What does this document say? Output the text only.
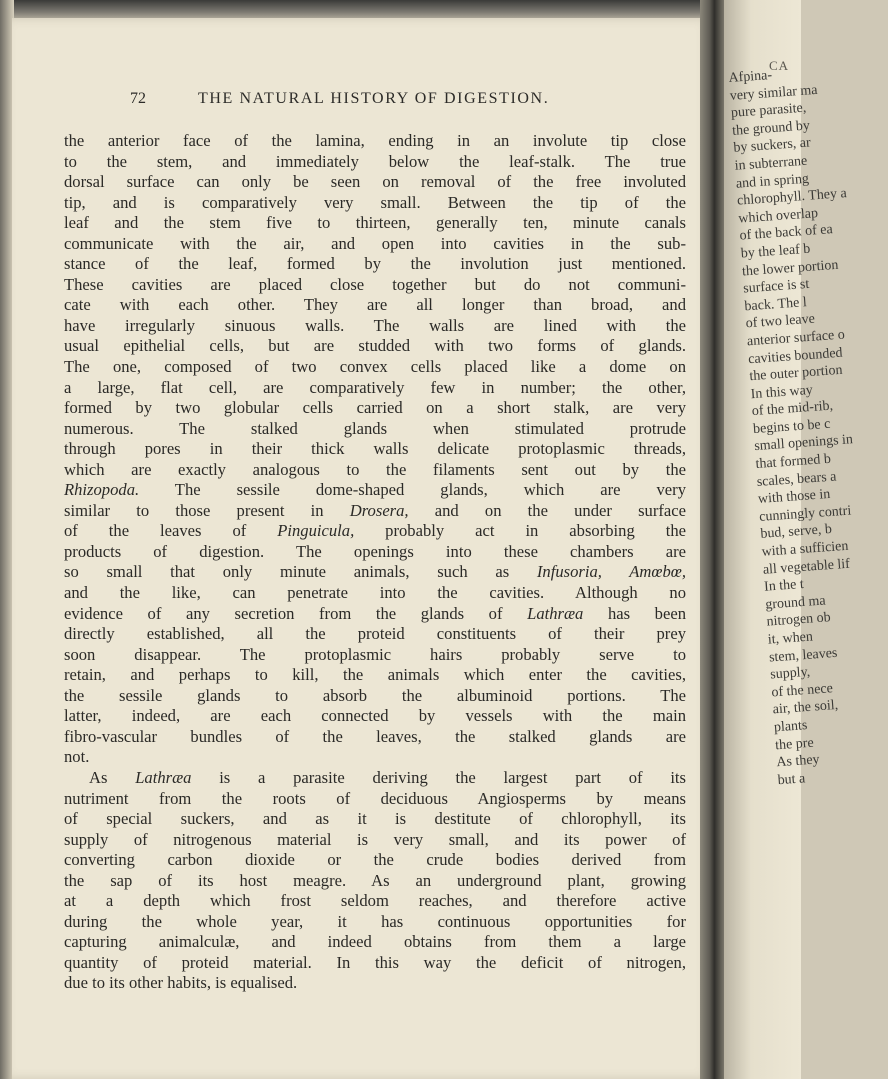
72	THE NATURAL HISTORY OF DIGESTION.
the anterior face of the lamina, ending in an involute tip close
to the stem, and immediately below the leaf-stalk. The true
dorsal surface can only be seen on removal of the free involuted
tip, and is comparatively very small. Between the tip of the
leaf and the stem five to thirteen, generally ten, minute canals
communicate with the air, and open into cavities in the sub-
stance of the leaf, formed by the involution just mentioned.
These cavities are placed close together but do not communi-
cate with each other. They are all longer than broad, and
have irregularly sinuous walls. The walls are lined with the
usual epithelial cells, but are studded with two forms of glands.
The one, composed of two convex cells placed like a dome on
a large, flat cell, are comparatively few in number; the other,
formed by two globular cells carried on a short stalk, are very
numerous. The stalked glands when stimulated protrude
through pores in their thick walls delicate protoplasmic threads,
which are exactly analogous to the filaments sent out by the
Rhizopoda. The sessile dome-shaped glands, which are very
similar to those present in Drosera, and on the under surface
of the leaves of Pinguicula, probably act in absorbing the
products of digestion. The openings into these chambers are
so small that only minute animals, such as Infusoria, Amœbœ,
and the like, can penetrate into the cavities. Although no
evidence of any secretion from the glands of Lathræa has been
directly established, all the proteid constituents of their prey
soon disappear. The protoplasmic hairs probably serve to
retain, and perhaps to kill, the animals which enter the cavities,
the sessile glands to absorb the albuminoid portions. The
latter, indeed, are each connected by vessels with the main
fibro-vascular bundles of the leaves, the stalked glands are
not.
As Lathræa is a parasite deriving the largest part of its
nutriment from the roots of deciduous Angiosperms by means
of special suckers, and as it is destitute of chlorophyll, its
supply of nitrogenous material is very small, and its power of
converting carbon dioxide or the crude bodies derived from
the sap of its host meagre. As an underground plant, growing
at a depth which frost seldom reaches, and therefore active
during the whole year, it has continuous opportunities for
capturing animalculæ, and indeed obtains from them a large
quantity of proteid material. In this way the deficit of nitrogen,
due to its other habits, is equalised.
CA
Afpina-
very similar ma
pure parasite,
the ground by
by suckers, ar
in subterrane
and in spring
chlorophyll. They a
which overlap
of the back of ea
by the leaf b
the lower portion
surface is st
back. The l
of two leave
anterior surface o
cavities bounded
the outer portion
In this way
of the mid-rib,
begins to be c
small openings in
that formed b
scales, bears a
with those in
cunningly contri
bud, serve, b
with a sufficien
all vegetable lif
In the t
ground ma
nitrogen ob
it, when
stem, leaves
supply,
of the nece
air, the soil,
plants
the pre
As they
but a
